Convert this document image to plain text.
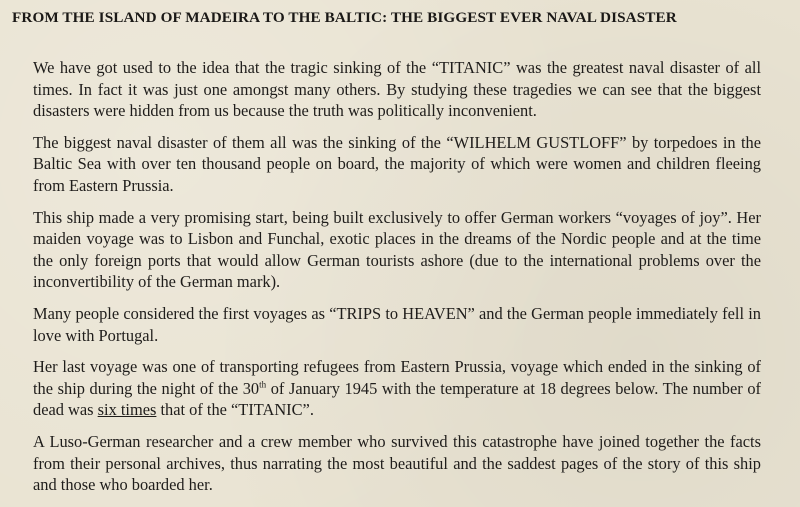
FROM THE ISLAND OF MADEIRA TO THE BALTIC: THE BIGGEST EVER NAVAL DISASTER

We have got used to the idea that the tragic sinking of the “TITANIC” was the greatest naval disaster of all times. In fact it was just one amongst many others. By studying these tragedies we can see that the biggest disasters were hidden from us because the truth was politically inconvenient.

The biggest naval disaster of them all was the sinking of the “WILHELM GUSTLOFF” by torpedoes in the Baltic Sea with over ten thousand people on board, the majority of which were women and children fleeing from Eastern Prussia.

This ship made a very promising start, being built exclusively to offer German workers “voyages of joy”. Her maiden voyage was to Lisbon and Funchal, exotic places in the dreams of the Nordic people and at the time the only foreign ports that would allow German tourists ashore (due to the international problems over the inconvertibility of the German mark).

Many people considered the first voyages as “TRIPS to HEAVEN” and the German people immediately fell in love with Portugal.

Her last voyage was one of transporting refugees from Eastern Prussia, voyage which ended in the sinking of the ship during the night of the 30th of January 1945 with the temperature at 18 degrees below. The number of dead was six times that of the “TITANIC”.

A Luso-German researcher and a crew member who survived this catastrophe have joined together the facts from their personal archives, thus narrating the most beautiful and the saddest pages of the story of this ship and those who boarded her.
